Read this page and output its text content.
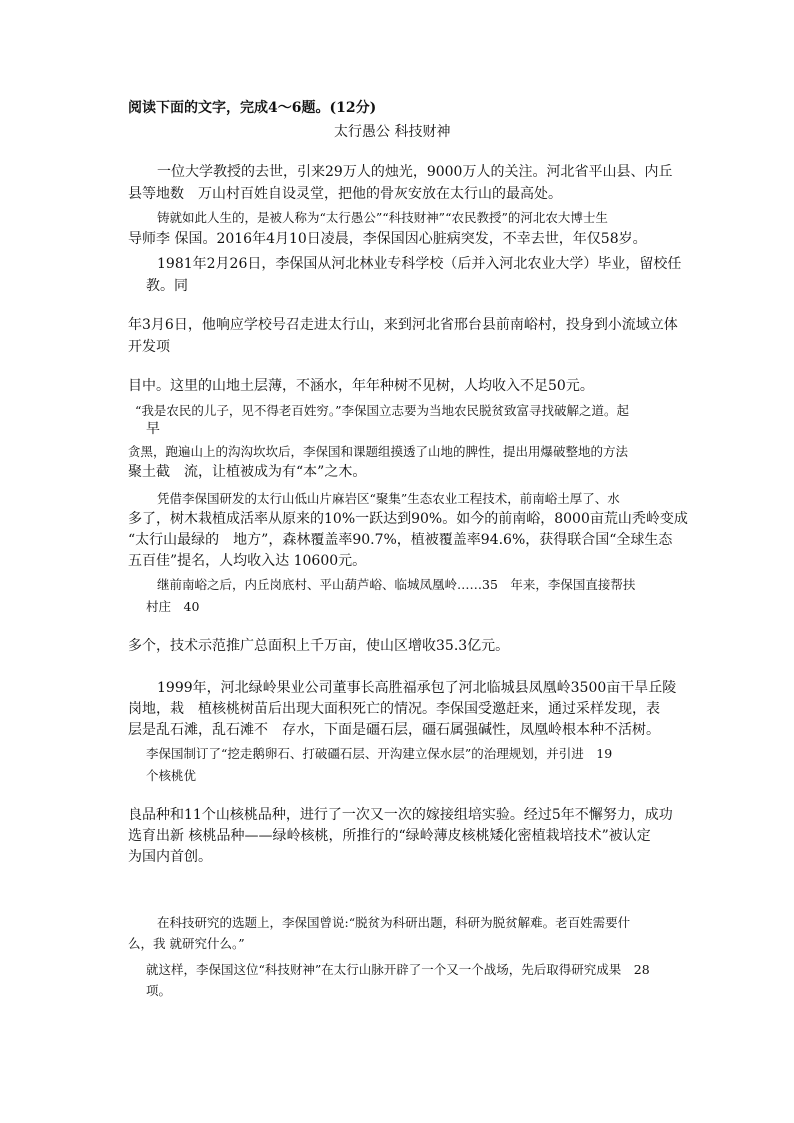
阅读下面的文字，完成4～6题。(12分)
太行愚公 科技财神
一位大学教授的去世，引来29万人的烛光，9000万人的关注。河北省平山县、内丘
县等地数　万山村百姓自设灵堂，把他的骨灰安放在太行山的最高处。
铸就如此人生的，是被人称为“太行愚公”“科技财神”“农民教授”的河北农大博士生
导师李 保国。2016年4月10日凌晨，李保国因心脏病突发，不幸去世，年仅58岁。
1981年2月26日，李保国从河北林业专科学校（后并入河北农业大学）毕业，留校任
教。同
年3月6日，他响应学校号召走进太行山，来到河北省邢台县前南峪村，投身到小流域立体
开发项
目中。这里的山地土层薄，不涵水，年年种树不见树，人均收入不足50元。
“我是农民的儿子，见不得老百姓穷。”李保国立志要为当地农民脱贫致富寻找破解之道。起
早
贪黑，跑遍山上的沟沟坎坎后，李保国和课题组摸透了山地的脾性，提出用爆破整地的方法
聚土截　流，让植被成为有“本”之木。
凭借李保国研发的太行山低山片麻岩区“聚集”生态农业工程技术，前南峪土厚了、水
多了，树木栽植成活率从原来的10%一跃达到90%。如今的前南峪，8000亩荒山秃岭变成
“太行山最绿的　地方”，森林覆盖率90.7%，植被覆盖率94.6%，获得联合国“全球生态
五百佳”提名，人均收入达 10600元。
继前南峪之后，内丘岗底村、平山葫芦峪、临城凤凰岭……35　年来，李保国直接帮扶
村庄　40
多个，技术示范推广总面积上千万亩，使山区增收35.3亿元。
1999年，河北绿岭果业公司董事长高胜福承包了河北临城县凤凰岭3500亩干旱丘陵
岗地，栽　植核桃树苗后出现大面积死亡的情况。李保国受邀赶来，通过采样发现，表
层是乱石滩，乱石滩不　存水，下面是礓石层，礓石属强碱性，凤凰岭根本种不活树。
李保国制订了“挖走鹅卵石、打破礓石层、开沟建立保水层”的治理规划，并引进　19
个核桃优
良品种和11个山核桃品种，进行了一次又一次的嫁接组培实验。经过5年不懈努力，成功
选育出新 核桃品种——绿岭核桃，所推行的“绿岭薄皮核桃矮化密植栽培技术”被认定
为国内首创。
在科技研究的选题上，李保国曾说:“脱贫为科研出题，科研为脱贫解难。老百姓需要什
么，我 就研究什么。”
就这样，李保国这位“科技财神”在太行山脉开辟了一个又一个战场，先后取得研究成果　28
项。
